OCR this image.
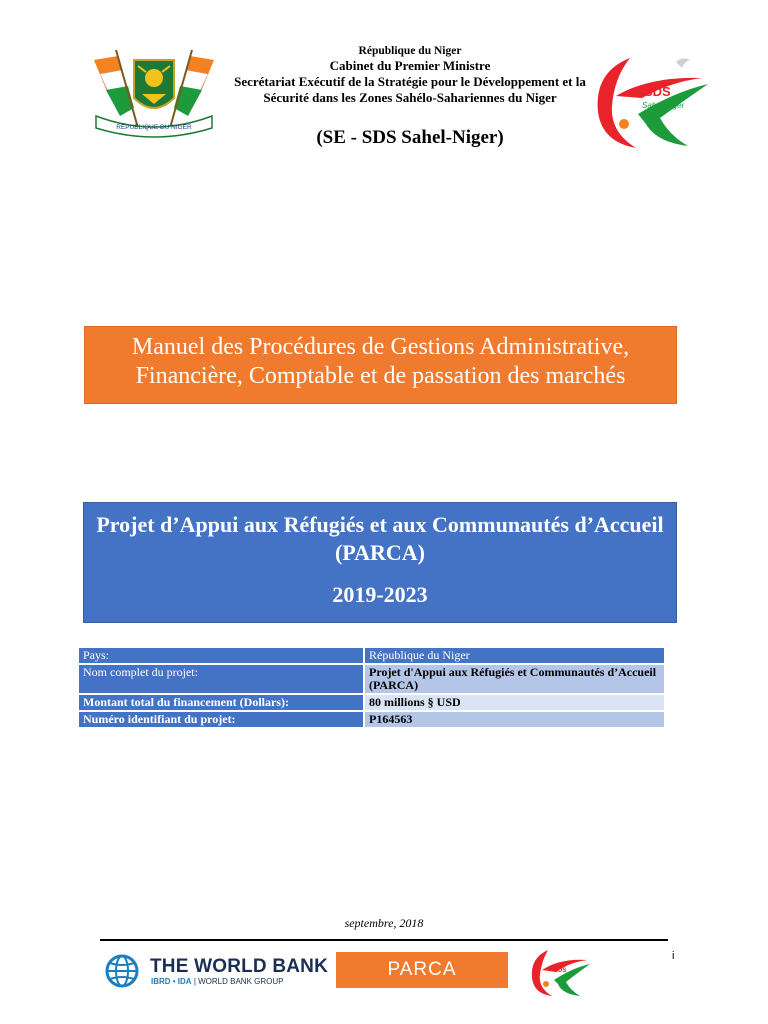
RÉPUBLIQUE DU NIGER
République du Niger
Cabinet du Premier Ministre
Secrétariat Exécutif de la Stratégie pour le Développement et la Sécurité dans les Zones Sahélo-Sahariennes du Niger
(SE - SDS Sahel-Niger)
SDS
Sahel-Niger
Manuel des Procédures de Gestions Administrative, Financière, Comptable et de passation des marchés
Projet d’Appui aux Réfugiés et aux Communautés d’Accueil (PARCA)
2019-2023
Pays:	République du Niger
Nom complet du projet:	Projet d'Appui aux Réfugiés et Communautés d’Accueil (PARCA)
Montant total du financement (Dollars):	80 millions § USD
Numéro identifiant du projet:	P164563
septembre, 2018
i
THE WORLD BANK
IBRD • IDA | WORLD BANK GROUP
PARCA	SDS
